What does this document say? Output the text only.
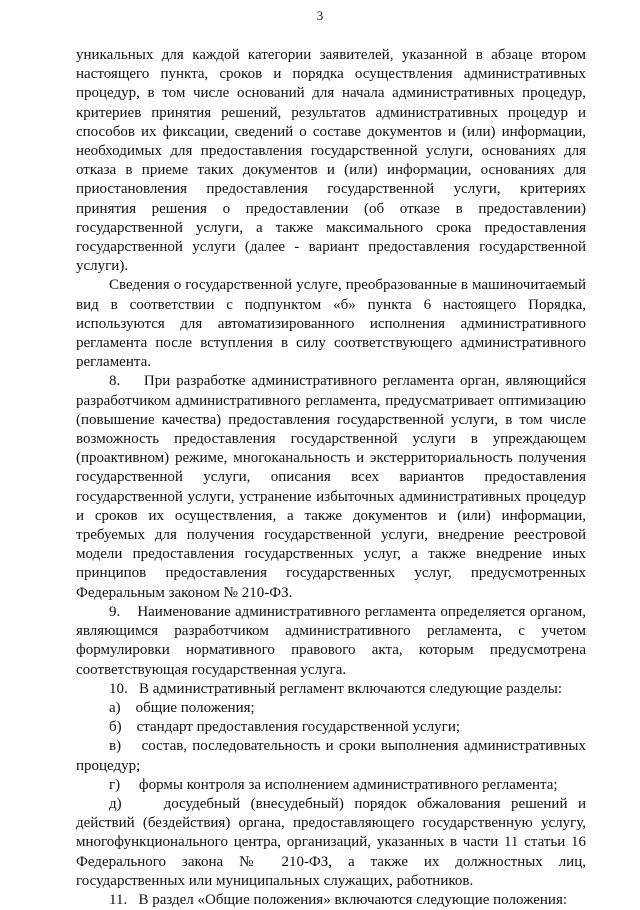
3

уникальных для каждой категории заявителей, указанной в абзаце втором настоящего пункта, сроков и порядка осуществления административных процедур, в том числе оснований для начала административных процедур, критериев принятия решений, результатов административных процедур и способов их фиксации, сведений о составе документов и (или) информации, необходимых для предоставления государственной услуги, основаниях для отказа в приеме таких документов и (или) информации, основаниях для приостановления предоставления государственной услуги, критериях принятия решения о предоставлении (об отказе в предоставлении) государственной услуги, а также максимального срока предоставления государственной услуги (далее - вариант предоставления государственной услуги).

Сведения о государственной услуге, преобразованные в машиночитаемый вид в соответствии с подпунктом «б» пункта 6 настоящего Порядка, используются для автоматизированного исполнения административного регламента после вступления в силу соответствующего административного регламента.

8.    При разработке административного регламента орган, являющийся разработчиком административного регламента, предусматривает оптимизацию (повышение качества) предоставления государственной услуги, в том числе возможность предоставления государственной услуги в упреждающем (проактивном) режиме, многоканальность и экстерриториальность получения государственной услуги, описания всех вариантов предоставления государственной услуги, устранение избыточных административных процедур и сроков их осуществления, а также документов и (или) информации, требуемых для получения государственной услуги, внедрение реестровой модели предоставления государственных услуг, а также внедрение иных принципов предоставления государственных услуг, предусмотренных Федеральным законом № 210-ФЗ.

9.    Наименование административного регламента определяется органом, являющимся разработчиком административного регламента, с учетом формулировки нормативного правового акта, которым предусмотрена соответствующая государственная услуга.

10.   В административный регламент включаются следующие разделы:

а)    общие положения;

б)    стандарт предоставления государственной услуги;

в)    состав, последовательность и сроки выполнения административных процедур;

г)     формы контроля за исполнением административного регламента;

д)    досудебный (внесудебный) порядок обжалования решений и действий (бездействия) органа, предоставляющего государственную услугу, многофункционального центра, организаций, указанных в части 11 статьи 16 Федерального закона № 210-ФЗ, а также их должностных лиц, государственных или муниципальных служащих, работников.

11.   В раздел «Общие положения» включаются следующие положения:
